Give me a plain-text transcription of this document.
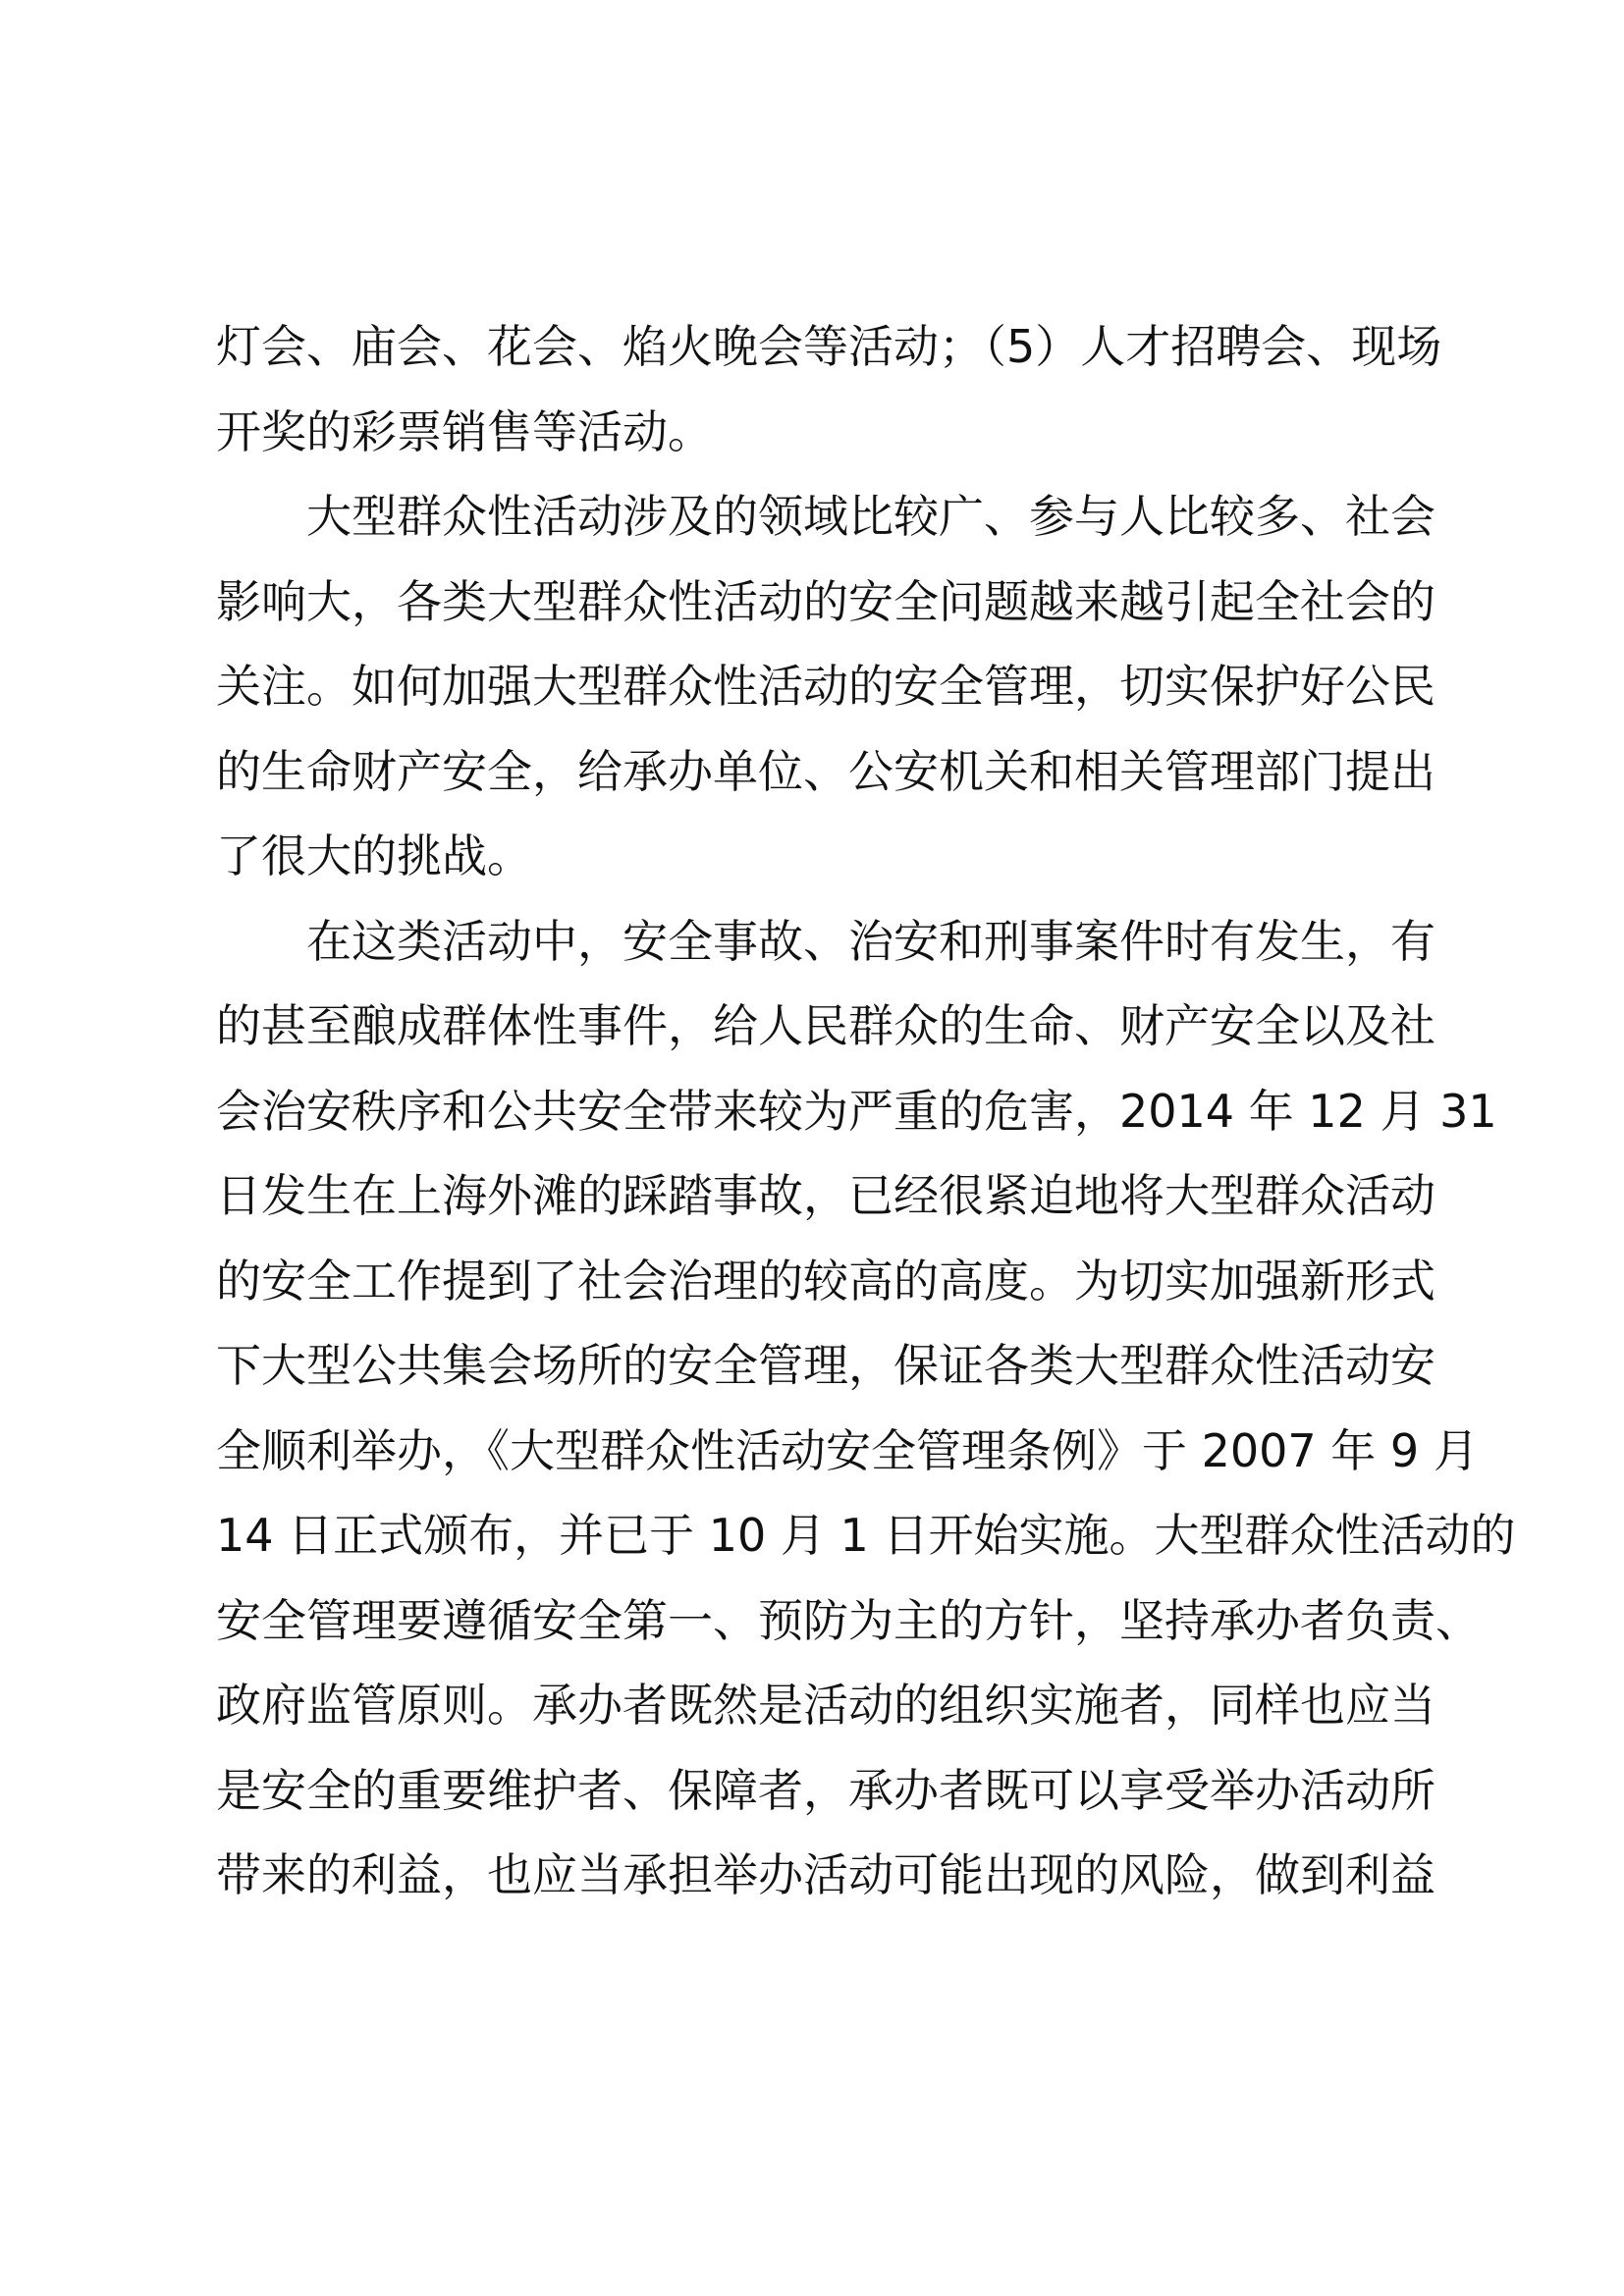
灯会、庙会、花会、焰火晚会等活动；（5）人才招聘会、现场
开奖的彩票销售等活动。
大型群众性活动涉及的领域比较广、参与人比较多、社会
影响大，各类大型群众性活动的安全问题越来越引起全社会的
关注。如何加强大型群众性活动的安全管理，切实保护好公民
的生命财产安全，给承办单位、公安机关和相关管理部门提出
了很大的挑战。
在这类活动中，安全事故、治安和刑事案件时有发生，有
的甚至酿成群体性事件，给人民群众的生命、财产安全以及社
会治安秩序和公共安全带来较为严重的危害，2014 年 12 月 31
日发生在上海外滩的踩踏事故，已经很紧迫地将大型群众活动
的安全工作提到了社会治理的较高的高度。为切实加强新形式
下大型公共集会场所的安全管理，保证各类大型群众性活动安
全顺利举办，《大型群众性活动安全管理条例》于 2007 年 9 月
14 日正式颁布，并已于 10 月 1 日开始实施。大型群众性活动的
安全管理要遵循安全第一、预防为主的方针，坚持承办者负责、
政府监管原则。承办者既然是活动的组织实施者，同样也应当
是安全的重要维护者、保障者，承办者既可以享受举办活动所
带来的利益，也应当承担举办活动可能出现的风险，做到利益
